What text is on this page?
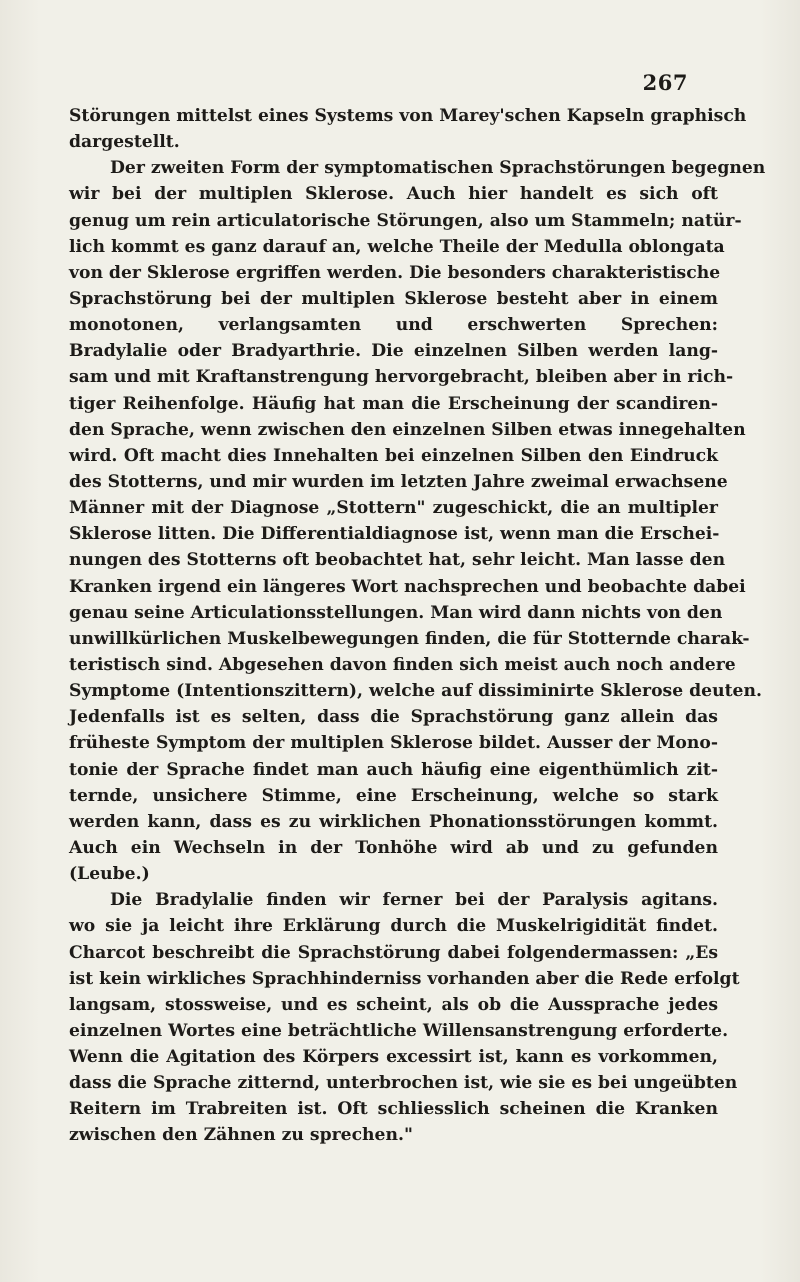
267
Störungen mittelst eines Systems von Marey'schen Kapseln graphisch
dargestellt.
Der zweiten Form der symptomatischen Sprachstörungen begegnen
wir bei der multiplen Sklerose. Auch hier handelt es sich oft
genug um rein articulatorische Störungen, also um Stammeln; natür-
lich kommt es ganz darauf an, welche Theile der Medulla oblongata
von der Sklerose ergriffen werden. Die besonders charakteristische
Sprachstörung bei der multiplen Sklerose besteht aber in einem
monotonen, verlangsamten und erschwerten Sprechen:
Bradylalie oder Bradyarthrie. Die einzelnen Silben werden lang-
sam und mit Kraftanstrengung hervorgebracht, bleiben aber in rich-
tiger Reihenfolge. Häufig hat man die Erscheinung der scandiren-
den Sprache, wenn zwischen den einzelnen Silben etwas innegehalten
wird. Oft macht dies Innehalten bei einzelnen Silben den Eindruck
des Stotterns, und mir wurden im letzten Jahre zweimal erwachsene
Männer mit der Diagnose „Stottern" zugeschickt, die an multipler
Sklerose litten. Die Differentialdiagnose ist, wenn man die Erschei-
nungen des Stotterns oft beobachtet hat, sehr leicht. Man lasse den
Kranken irgend ein längeres Wort nachsprechen und beobachte dabei
genau seine Articulationsstellungen. Man wird dann nichts von den
unwillkürlichen Muskelbewegungen finden, die für Stotternde charak-
teristisch sind. Abgesehen davon finden sich meist auch noch andere
Symptome (Intentionszittern), welche auf dissiminirte Sklerose deuten.
Jedenfalls ist es selten, dass die Sprachstörung ganz allein das
früheste Symptom der multiplen Sklerose bildet. Ausser der Mono-
tonie der Sprache findet man auch häufig eine eigenthümlich zit-
ternde, unsichere Stimme, eine Erscheinung, welche so stark
werden kann, dass es zu wirklichen Phonationsstörungen kommt.
Auch ein Wechseln in der Tonhöhe wird ab und zu gefunden
(Leube.)
Die Bradylalie finden wir ferner bei der Paralysis agitans.
wo sie ja leicht ihre Erklärung durch die Muskelrigidität findet.
Charcot beschreibt die Sprachstörung dabei folgendermassen: „Es
ist kein wirkliches Sprachhinderniss vorhanden aber die Rede erfolgt
langsam, stossweise, und es scheint, als ob die Aussprache jedes
einzelnen Wortes eine beträchtliche Willensanstrengung erforderte.
Wenn die Agitation des Körpers excessirt ist, kann es vorkommen,
dass die Sprache zitternd, unterbrochen ist, wie sie es bei ungeübten
Reitern im Trabreiten ist. Oft schliesslich scheinen die Kranken
zwischen den Zähnen zu sprechen."
